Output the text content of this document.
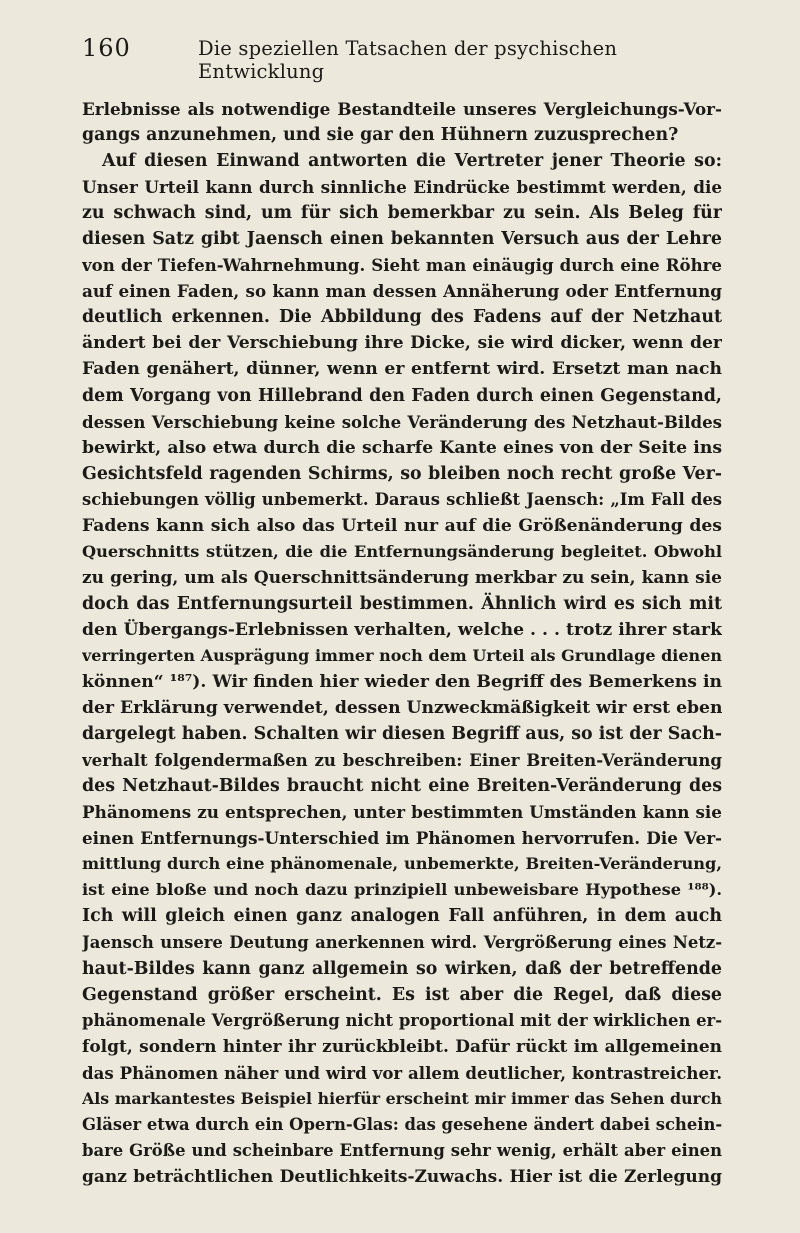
160	Die speziellen Tatsachen der psychischen Entwicklung
Erlebnisse als notwendige Bestandteile unseres Vergleichungs-Vor-
gangs anzunehmen, und sie gar den Hühnern zuzusprechen?
Auf diesen Einwand antworten die Vertreter jener Theorie so:
Unser Urteil kann durch sinnliche Eindrücke bestimmt werden, die
zu schwach sind, um für sich bemerkbar zu sein. Als Beleg für
diesen Satz gibt Jaensch einen bekannten Versuch aus der Lehre
von der Tiefen-Wahrnehmung. Sieht man einäugig durch eine Röhre
auf einen Faden, so kann man dessen Annäherung oder Entfernung
deutlich erkennen. Die Abbildung des Fadens auf der Netzhaut
ändert bei der Verschiebung ihre Dicke, sie wird dicker, wenn der
Faden genähert, dünner, wenn er entfernt wird. Ersetzt man nach
dem Vorgang von Hillebrand den Faden durch einen Gegenstand,
dessen Verschiebung keine solche Veränderung des Netzhaut-Bildes
bewirkt, also etwa durch die scharfe Kante eines von der Seite ins
Gesichtsfeld ragenden Schirms, so bleiben noch recht große Ver-
schiebungen völlig unbemerkt. Daraus schließt Jaensch: „Im Fall des
Fadens kann sich also das Urteil nur auf die Größenänderung des
Querschnitts stützen, die die Entfernungsänderung begleitet. Obwohl
zu gering, um als Querschnittsänderung merkbar zu sein, kann sie
doch das Entfernungsurteil bestimmen. Ähnlich wird es sich mit
den Übergangs-Erlebnissen verhalten, welche . . . trotz ihrer stark
verringerten Ausprägung immer noch dem Urteil als Grundlage dienen
können“ ¹⁸⁷). Wir finden hier wieder den Begriff des Bemerkens in
der Erklärung verwendet, dessen Unzweckmäßigkeit wir erst eben
dargelegt haben. Schalten wir diesen Begriff aus, so ist der Sach-
verhalt folgendermaßen zu beschreiben: Einer Breiten-Veränderung
des Netzhaut-Bildes braucht nicht eine Breiten-Veränderung des
Phänomens zu entsprechen, unter bestimmten Umständen kann sie
einen Entfernungs-Unterschied im Phänomen hervorrufen. Die Ver-
mittlung durch eine phänomenale, unbemerkte, Breiten-Veränderung,
ist eine bloße und noch dazu prinzipiell unbeweisbare Hypothese ¹⁸⁸).
Ich will gleich einen ganz analogen Fall anführen, in dem auch
Jaensch unsere Deutung anerkennen wird. Vergrößerung eines Netz-
haut-Bildes kann ganz allgemein so wirken, daß der betreffende
Gegenstand größer erscheint. Es ist aber die Regel, daß diese
phänomenale Vergrößerung nicht proportional mit der wirklichen er-
folgt, sondern hinter ihr zurückbleibt. Dafür rückt im allgemeinen
das Phänomen näher und wird vor allem deutlicher, kontrastreicher.
Als markantestes Beispiel hierfür erscheint mir immer das Sehen durch
Gläser etwa durch ein Opern-Glas: das gesehene ändert dabei schein-
bare Größe und scheinbare Entfernung sehr wenig, erhält aber einen
ganz beträchtlichen Deutlichkeits-Zuwachs. Hier ist die Zerlegung
